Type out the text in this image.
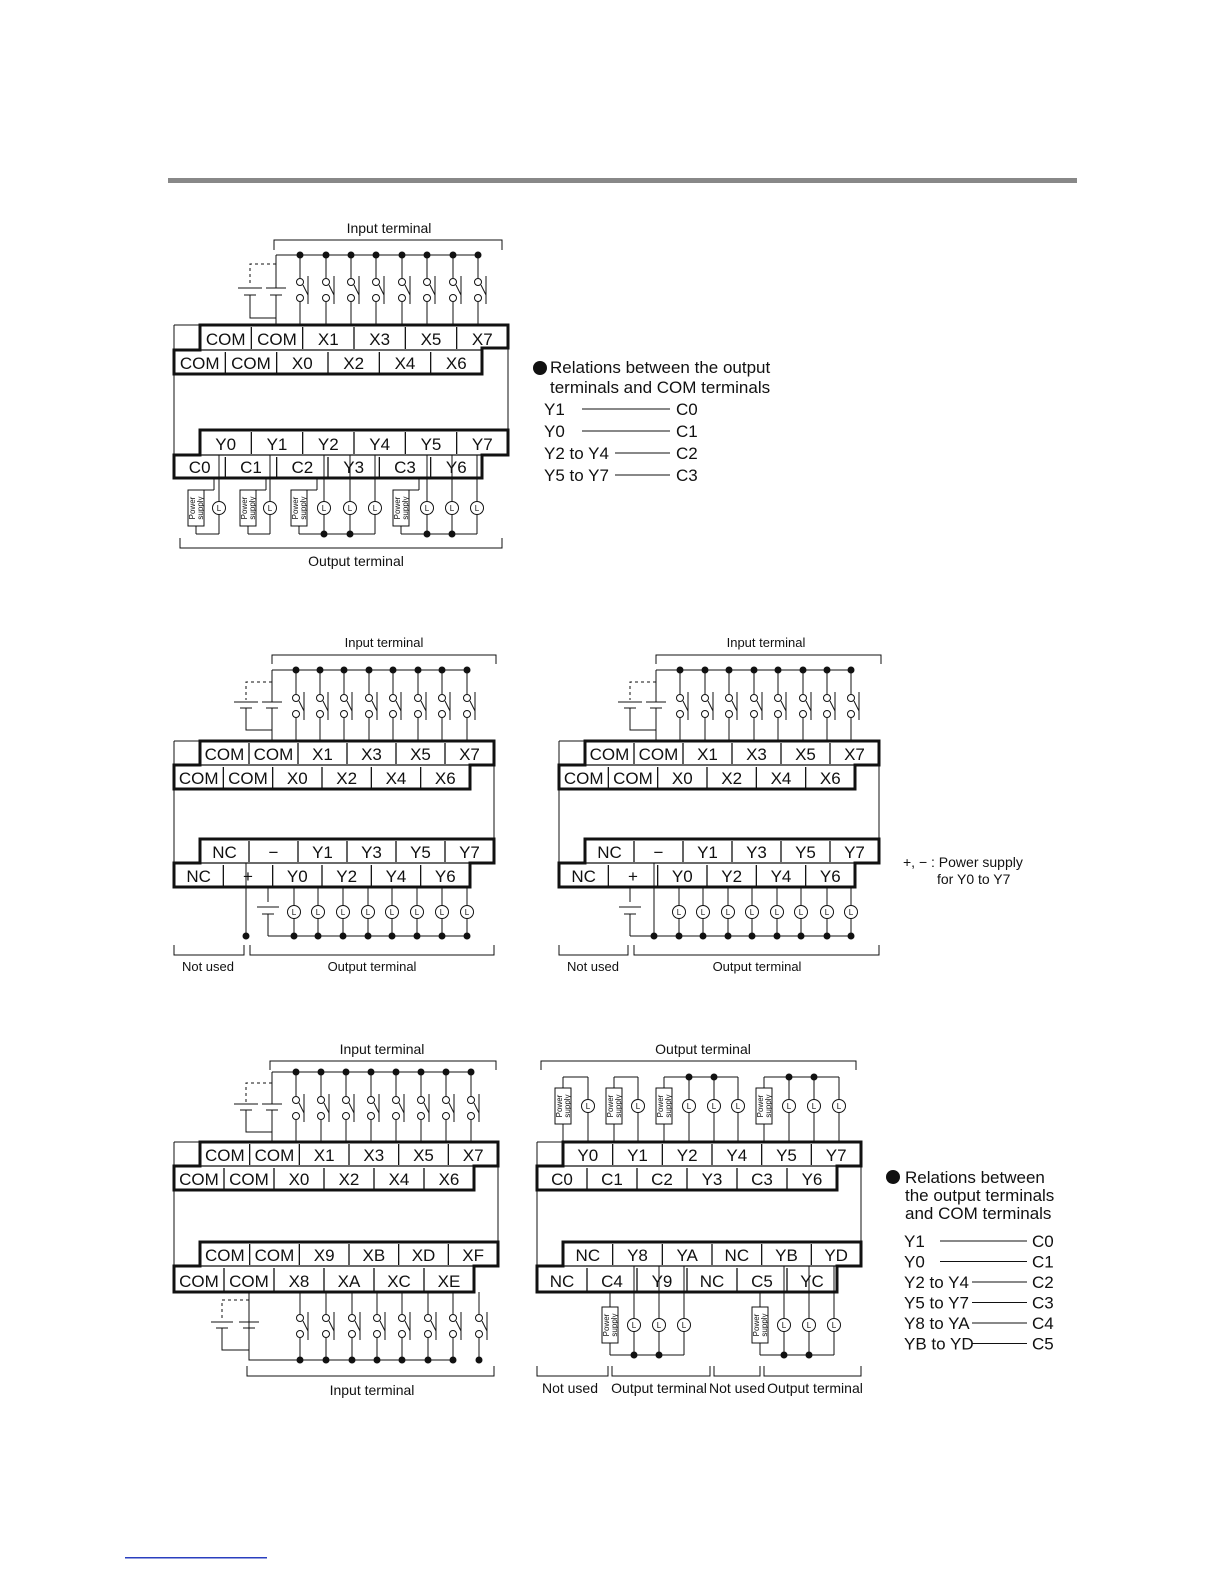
Input terminal
COM COM X1 X3 X5 X7
COM COM X0 X2 X4 X6
Y0 Y1 Y2 Y4 Y5 Y7
C0 C1 C2 Y3 C3 Y6
Power supply L Power supply L Power supply L	L	L Power supply L	L	L
Output terminal
Relations between the output
terminals and COM terminals
Y1	C0
Y0	C1
Y2 to Y4	C2
Y5 to Y7	C3
Input terminal
COM COM X1 X3 X5 X7
COM COM X0 X2 X4 X6
NC − Y1 Y3 Y5 Y7
NC + Y0 Y2 Y4 Y6
L L	L	L L	L	L	L
Not used	Output terminal
Input terminal
COM COM X1 X3 X5 X7
COM COM X0 X2 X4 X6
NC − Y1 Y3 Y5 Y7
NC + Y0 Y2 Y4 Y6
L L	L L	L L	L L
Not used	Output terminal
+, − : Power supply
for Y0 to Y7
Input terminal
COM COM X1 X3 X5 X7
COM COM X0 X2 X4 X6
COM COM X9 XB XD XF
COM COM X8 XA XC XE
Input terminal
Output terminal
Power supply L Power supply L Power supply L	L L Power supply L	L	L
Y0 Y1 Y2 Y4 Y5 Y7
C0 C1 C2 Y3 C3 Y6
NC Y8 YA NC YB YD
NC C4 Y9 NC C5 YC
Power supply L	L	L	Power supply L	L	L
Not used Output terminal Not used Output terminal
Relations between
the output terminals
and COM terminals
Y1	C0
Y0	C1
Y2 to Y4	C2
Y5 to Y7	C3
Y8 to YA	C4
YB to YD	C5
